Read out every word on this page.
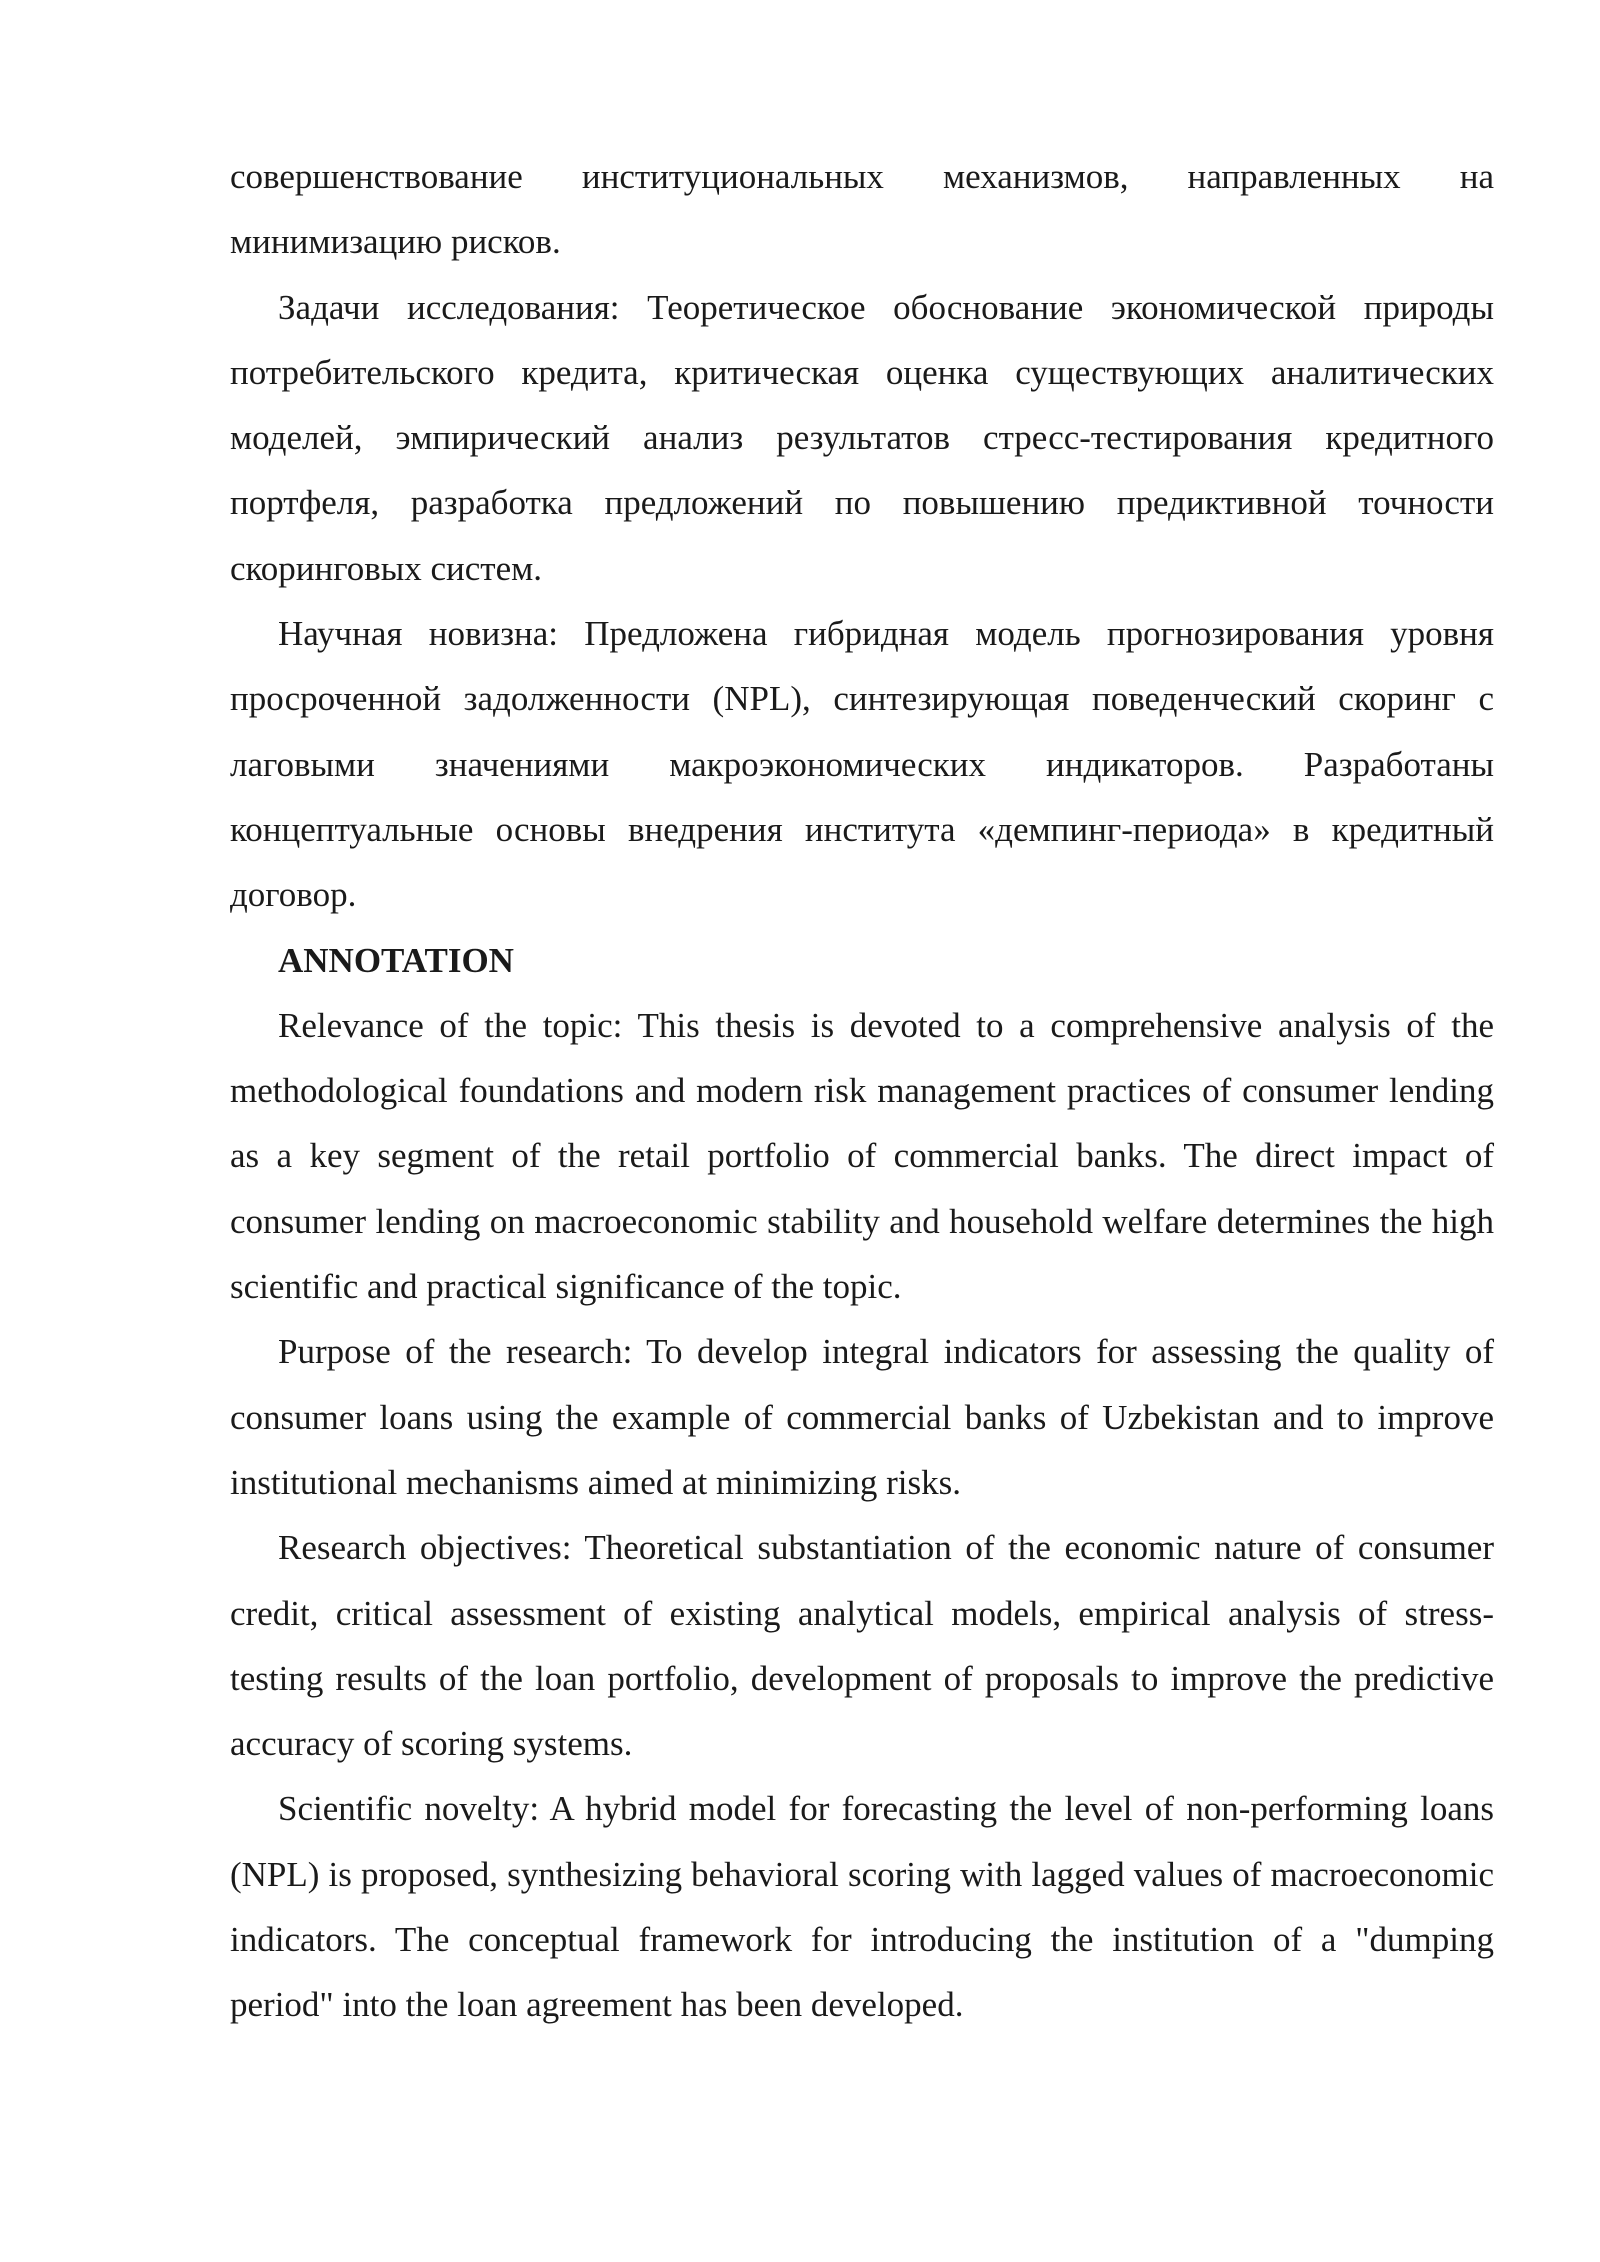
совершенствование институциональных механизмов, направленных на минимизацию рисков.

Задачи исследования: Теоретическое обоснование экономической природы потребительского кредита, критическая оценка существующих аналитических моделей, эмпирический анализ результатов стресс-тестирования кредитного портфеля, разработка предложений по повышению предиктивной точности скоринговых систем.

Научная новизна: Предложена гибридная модель прогнозирования уровня просроченной задолженности (NPL), синтезирующая поведенческий скоринг с лаговыми значениями макроэкономических индикаторов. Разработаны концептуальные основы внедрения института «демпинг-периода» в кредитный договор.

ANNOTATION

Relevance of the topic: This thesis is devoted to a comprehensive analysis of the methodological foundations and modern risk management practices of consumer lending as a key segment of the retail portfolio of commercial banks. The direct impact of consumer lending on macroeconomic stability and household welfare determines the high scientific and practical significance of the topic.

Purpose of the research: To develop integral indicators for assessing the quality of consumer loans using the example of commercial banks of Uzbekistan and to improve institutional mechanisms aimed at minimizing risks.

Research objectives: Theoretical substantiation of the economic nature of consumer credit, critical assessment of existing analytical models, empirical analysis of stress-testing results of the loan portfolio, development of proposals to improve the predictive accuracy of scoring systems.

Scientific novelty: A hybrid model for forecasting the level of non-performing loans (NPL) is proposed, synthesizing behavioral scoring with lagged values of macroeconomic indicators. The conceptual framework for introducing the institution of a "dumping period" into the loan agreement has been developed.
